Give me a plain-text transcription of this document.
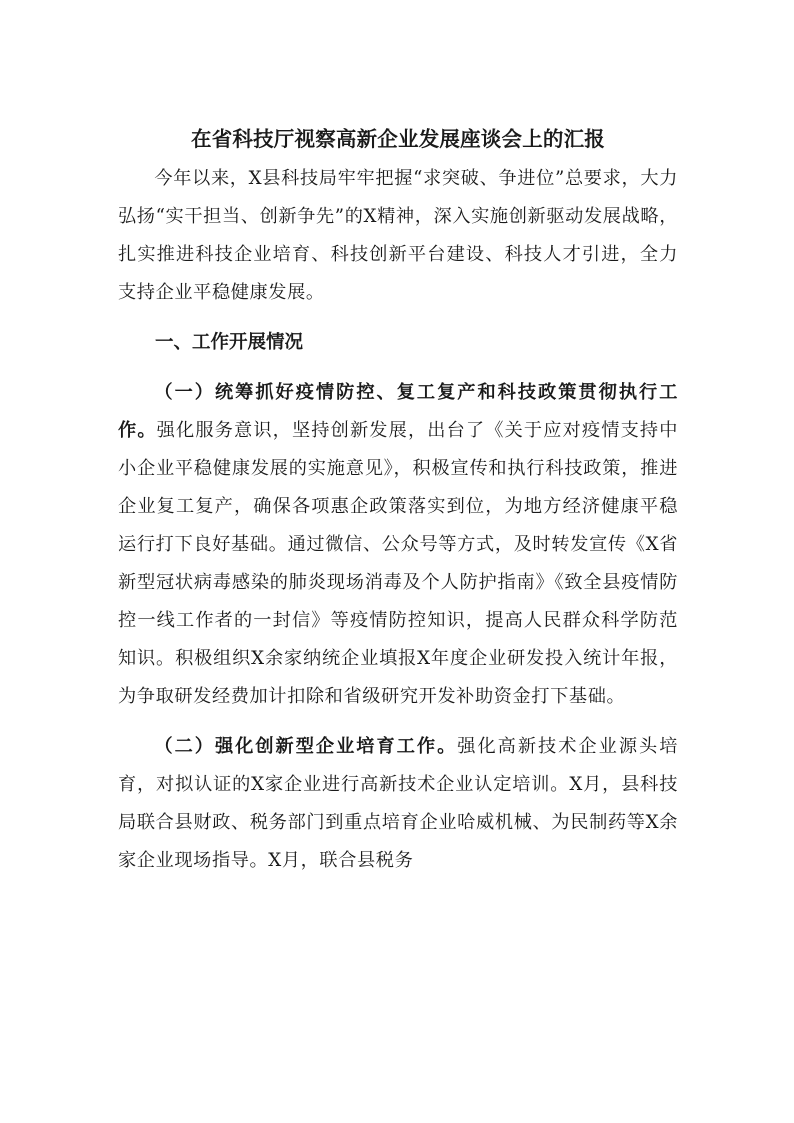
在省科技厅视察高新企业发展座谈会上的汇报

今年以来，X县科技局牢牢把握“求突破、争进位”总要求，大力弘扬“实干担当、创新争先”的X精神，深入实施创新驱动发展战略，扎实推进科技企业培育、科技创新平台建设、科技人才引进，全力支持企业平稳健康发展。

一、工作开展情况

（一）统筹抓好疫情防控、复工复产和科技政策贯彻执行工作。强化服务意识，坚持创新发展，出台了《关于应对疫情支持中小企业平稳健康发展的实施意见》，积极宣传和执行科技政策，推进企业复工复产，确保各项惠企政策落实到位，为地方经济健康平稳运行打下良好基础。通过微信、公众号等方式，及时转发宣传《X省新型冠状病毒感染的肺炎现场消毒及个人防护指南》《致全县疫情防控一线工作者的一封信》等疫情防控知识，提高人民群众科学防范知识。积极组织X余家纳统企业填报X年度企业研发投入统计年报，为争取研发经费加计扣除和省级研究开发补助资金打下基础。

（二）强化创新型企业培育工作。强化高新技术企业源头培育，对拟认证的X家企业进行高新技术企业认定培训。X月，县科技局联合县财政、税务部门到重点培育企业哈威机械、为民制药等X余家企业现场指导。X月，联合县税务
